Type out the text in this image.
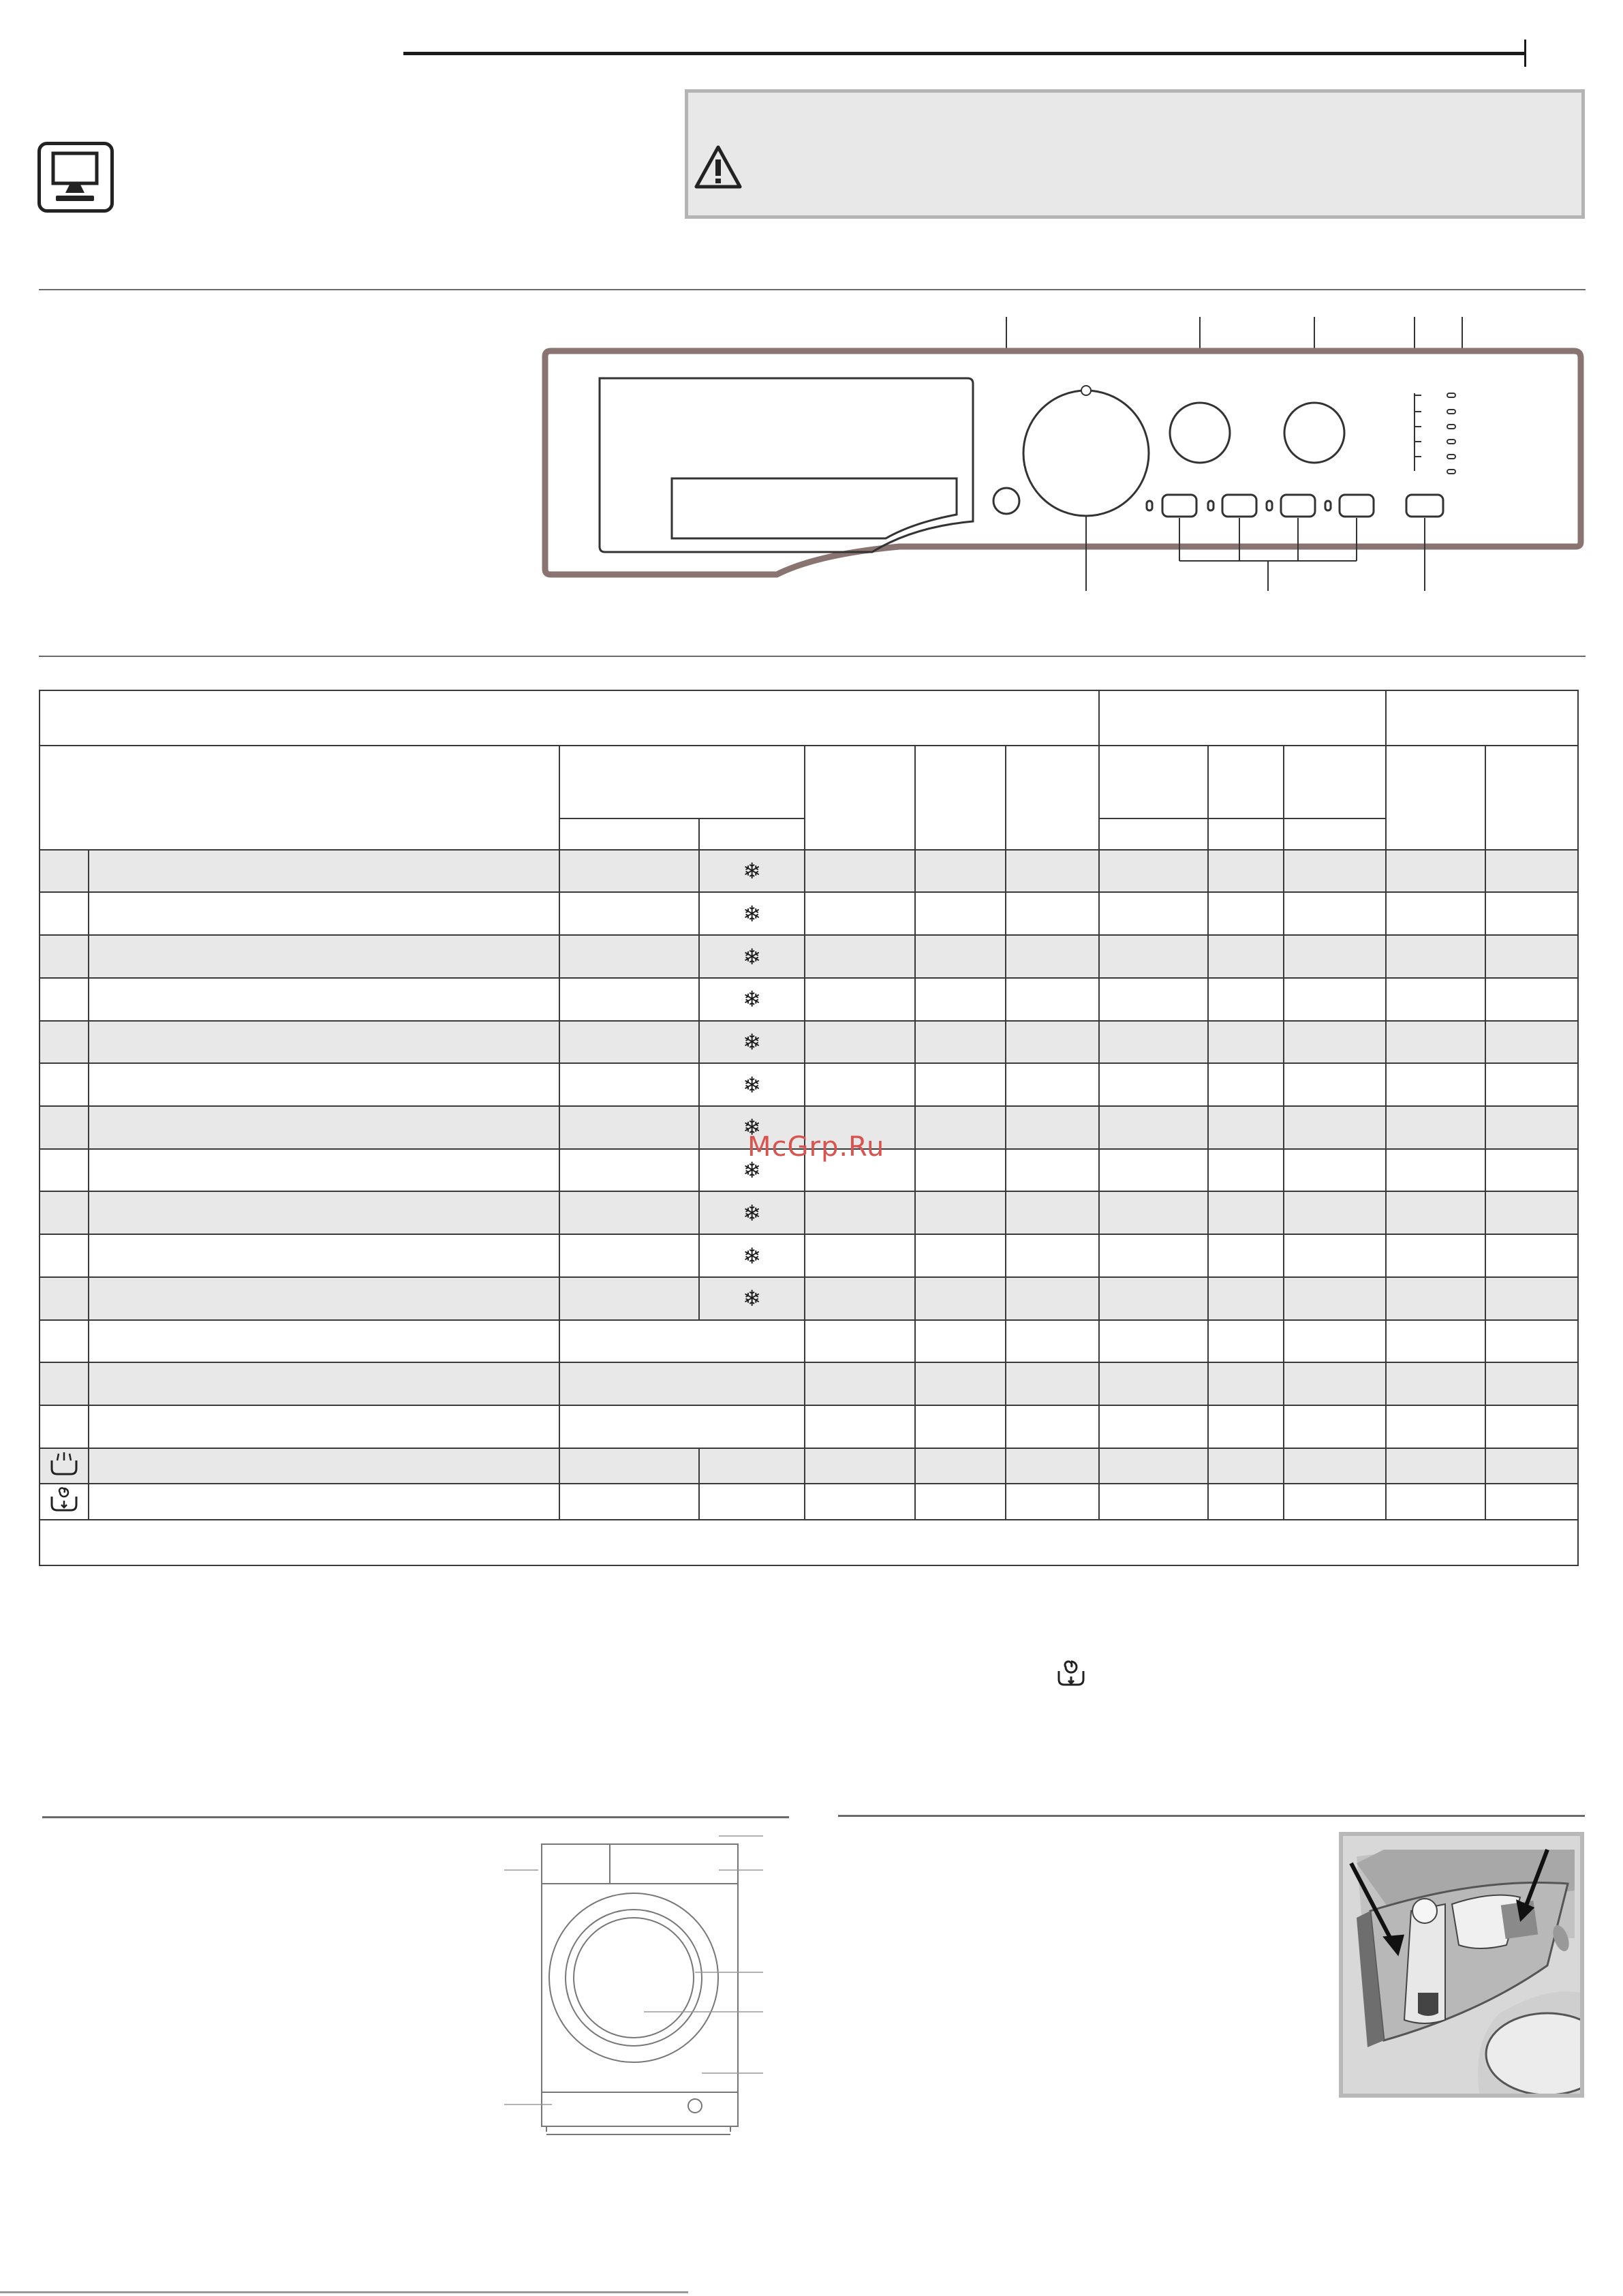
			❄								
			❄								
			❄								
			❄								
			❄								
			❄								
			❄								
			❄								
			❄								
			❄								
			❄								

McGrp.Ru
